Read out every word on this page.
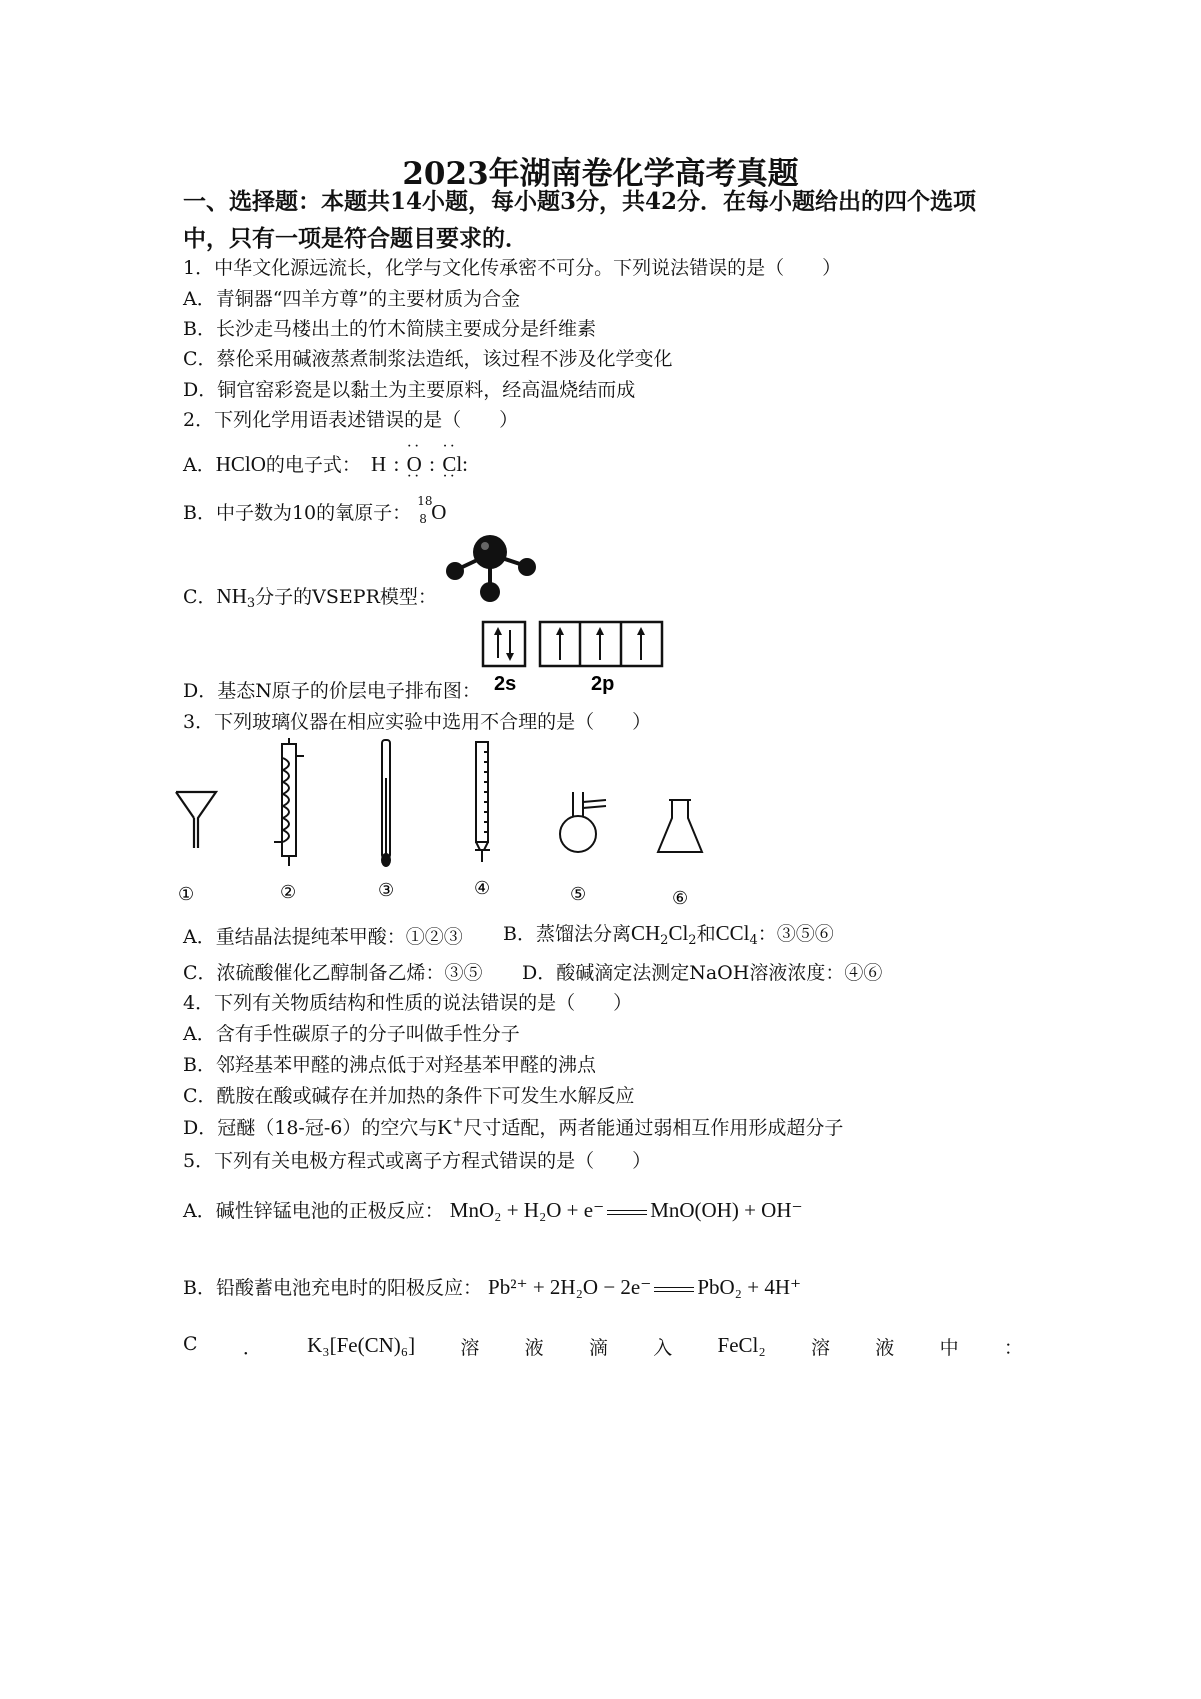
2023年湖南卷化学高考真题
一、选择题：本题共14小题，每小题3分，共42分．在每小题给出的四个选项
中，只有一项是符合题目要求的．
1．中华文化源远流长，化学与文化传承密不可分。下列说法错误的是（　　）
A．青铜器“四羊方尊”的主要材质为合金
B．长沙走马楼出土的竹木简牍主要成分是纤维素
C．蔡伦采用碱液蒸煮制浆法造纸，该过程不涉及化学变化
D．铜官窑彩瓷是以黏土为主要原料，经高温烧结而成
2．下列化学用语表述错误的是（　　）
A．HClO的电子式： H : · · O · · : · · Cl · ·:
B．中子数为10的氧原子：
18
8 O
C．$NH_3$分子的VSEPR模型：
2s	2p
D．基态N原子的价层电子排布图：
3．下列玻璃仪器在相应实验中选用不合理的是（　　）
①	②	③	④	⑤	⑥
A．重结晶法提纯苯甲酸：①②③ B．蒸馏法分离$CH_2Cl_2$和CCl$_4$：③⑤⑥
C．浓硫酸催化乙醇制备乙烯：③⑤ D．酸碱滴定法测定NaOH溶液浓度：④⑥
4．下列有关物质结构和性质的说法错误的是（　　）
A．含有手性碳原子的分子叫做手性分子
B．邻羟基苯甲醛的沸点低于对羟基苯甲醛的沸点
C．酰胺在酸或碱存在并加热的条件下可发生水解反应
D．冠醚（18-冠-6）的空穴与K+尺寸适配，两者能通过弱相互作用形成超分子
5．下列有关电极方程式或离子方程式错误的是（　　）
A．碱性锌锰电池的正极反应： MnO₂ + H₂O + e⁻ MnO(OH) + OH⁻
B．铅酸蓄电池充电时的阳极反应： Pb²⁺ + 2H₂O − 2e⁻ PbO₂ + 4H⁺
C ． K₃[Fe(CN)₆] 溶 液 滴 入 FeCl₂ 溶 液 中 ：
